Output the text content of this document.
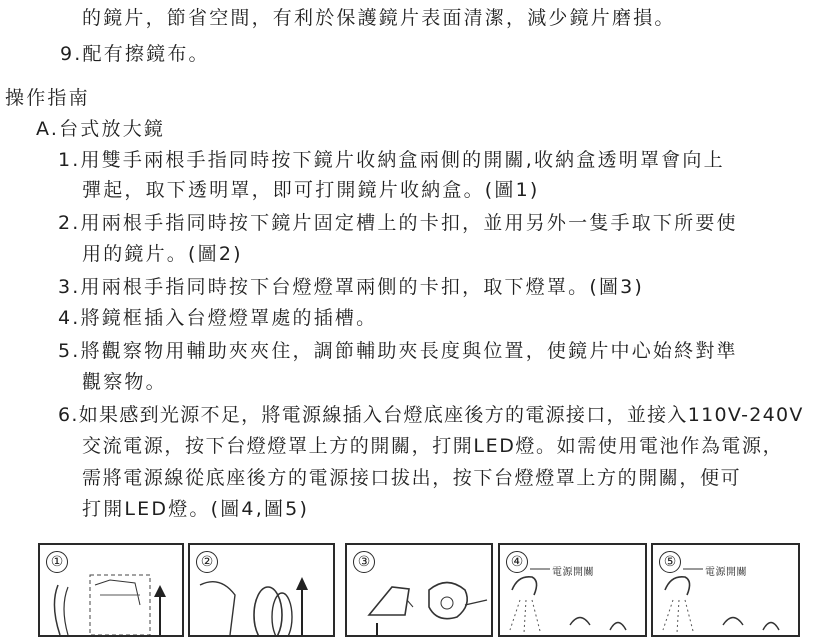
的鏡片，節省空間，有利於保護鏡片表面清潔，減少鏡片磨損。
9.配有擦鏡布。
操作指南
A.台式放大鏡
1.用雙手兩根手指同時按下鏡片收納盒兩側的開關,收納盒透明罩會向上
彈起，取下透明罩，即可打開鏡片收納盒。(圖1)
2.用兩根手指同時按下鏡片固定槽上的卡扣，並用另外一隻手取下所要使
用的鏡片。(圖2)
3.用兩根手指同時按下台燈燈罩兩側的卡扣，取下燈罩。(圖3)
4.將鏡框插入台燈燈罩處的插槽。
5.將觀察物用輔助夾夾住，調節輔助夾長度與位置，使鏡片中心始終對準
觀察物。
6.如果感到光源不足，將電源線插入台燈底座後方的電源接口，並接入110V-240V
交流電源，按下台燈燈罩上方的開關，打開LED燈。如需使用電池作為電源，
需將電源線從底座後方的電源接口拔出，按下台燈燈罩上方的開關，便可
打開LED燈。(圖4,圖5)
①	②	③	④
電源開關
⑤
電源開關
